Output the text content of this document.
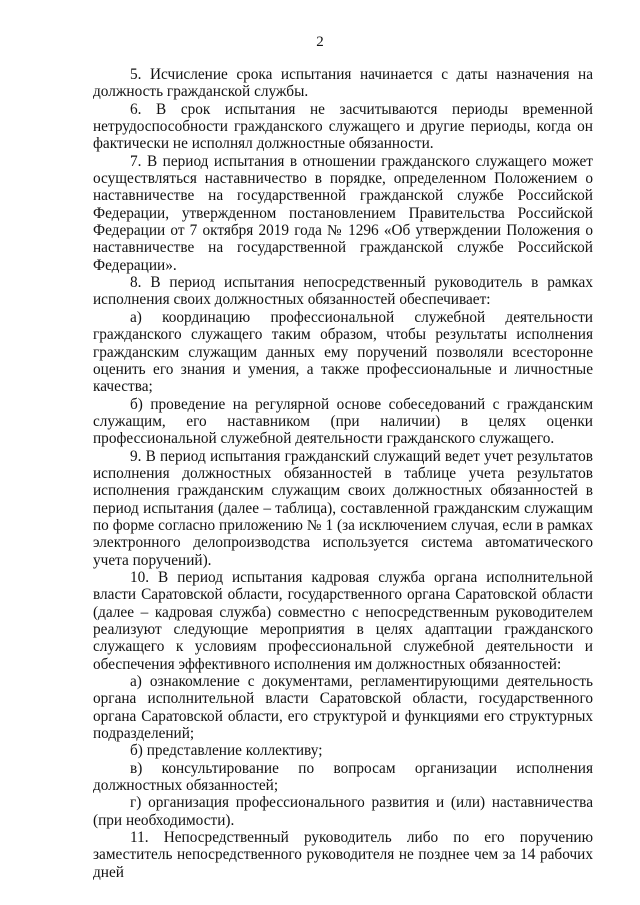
2

5. Исчисление срока испытания начинается с даты назначения на должность гражданской службы.

6. В срок испытания не засчитываются периоды временной нетрудоспособности гражданского служащего и другие периоды, когда он фактически не исполнял должностные обязанности.

7. В период испытания в отношении гражданского служащего может осуществляться наставничество в порядке, определенном Положением о наставничестве на государственной гражданской службе Российской Федерации, утвержденном постановлением Правительства Российской Федерации от 7 октября 2019 года № 1296 «Об утверждении Положения о наставничестве на государственной гражданской службе Российской Федерации».

8. В период испытания непосредственный руководитель в рамках исполнения своих должностных обязанностей обеспечивает:

а) координацию профессиональной служебной деятельности гражданского служащего таким образом, чтобы результаты исполнения гражданским служащим данных ему поручений позволяли всесторонне оценить его знания и умения, а также профессиональные и личностные качества;

б) проведение на регулярной основе собеседований с гражданским служащим, его наставником (при наличии) в целях оценки профессиональной служебной деятельности гражданского служащего.

9. В период испытания гражданский служащий ведет учет результатов исполнения должностных обязанностей в таблице учета результатов исполнения гражданским служащим своих должностных обязанностей в период испытания (далее – таблица), составленной гражданским служащим по форме согласно приложению № 1 (за исключением случая, если в рамках электронного делопроизводства используется система автоматического учета поручений).

10. В период испытания кадровая служба органа исполнительной власти Саратовской области, государственного органа Саратовской области (далее – кадровая служба) совместно с непосредственным руководителем реализуют следующие мероприятия в целях адаптации гражданского служащего к условиям профессиональной служебной деятельности и обеспечения эффективного исполнения им должностных обязанностей:

а) ознакомление с документами, регламентирующими деятельность органа исполнительной власти Саратовской области, государственного органа Саратовской области, его структурой и функциями его структурных подразделений;

б) представление коллективу;

в) консультирование по вопросам организации исполнения должностных обязанностей;

г) организация профессионального развития и (или) наставничества (при необходимости).

11. Непосредственный руководитель либо по его поручению заместитель непосредственного руководителя не позднее чем за 14 рабочих дней
